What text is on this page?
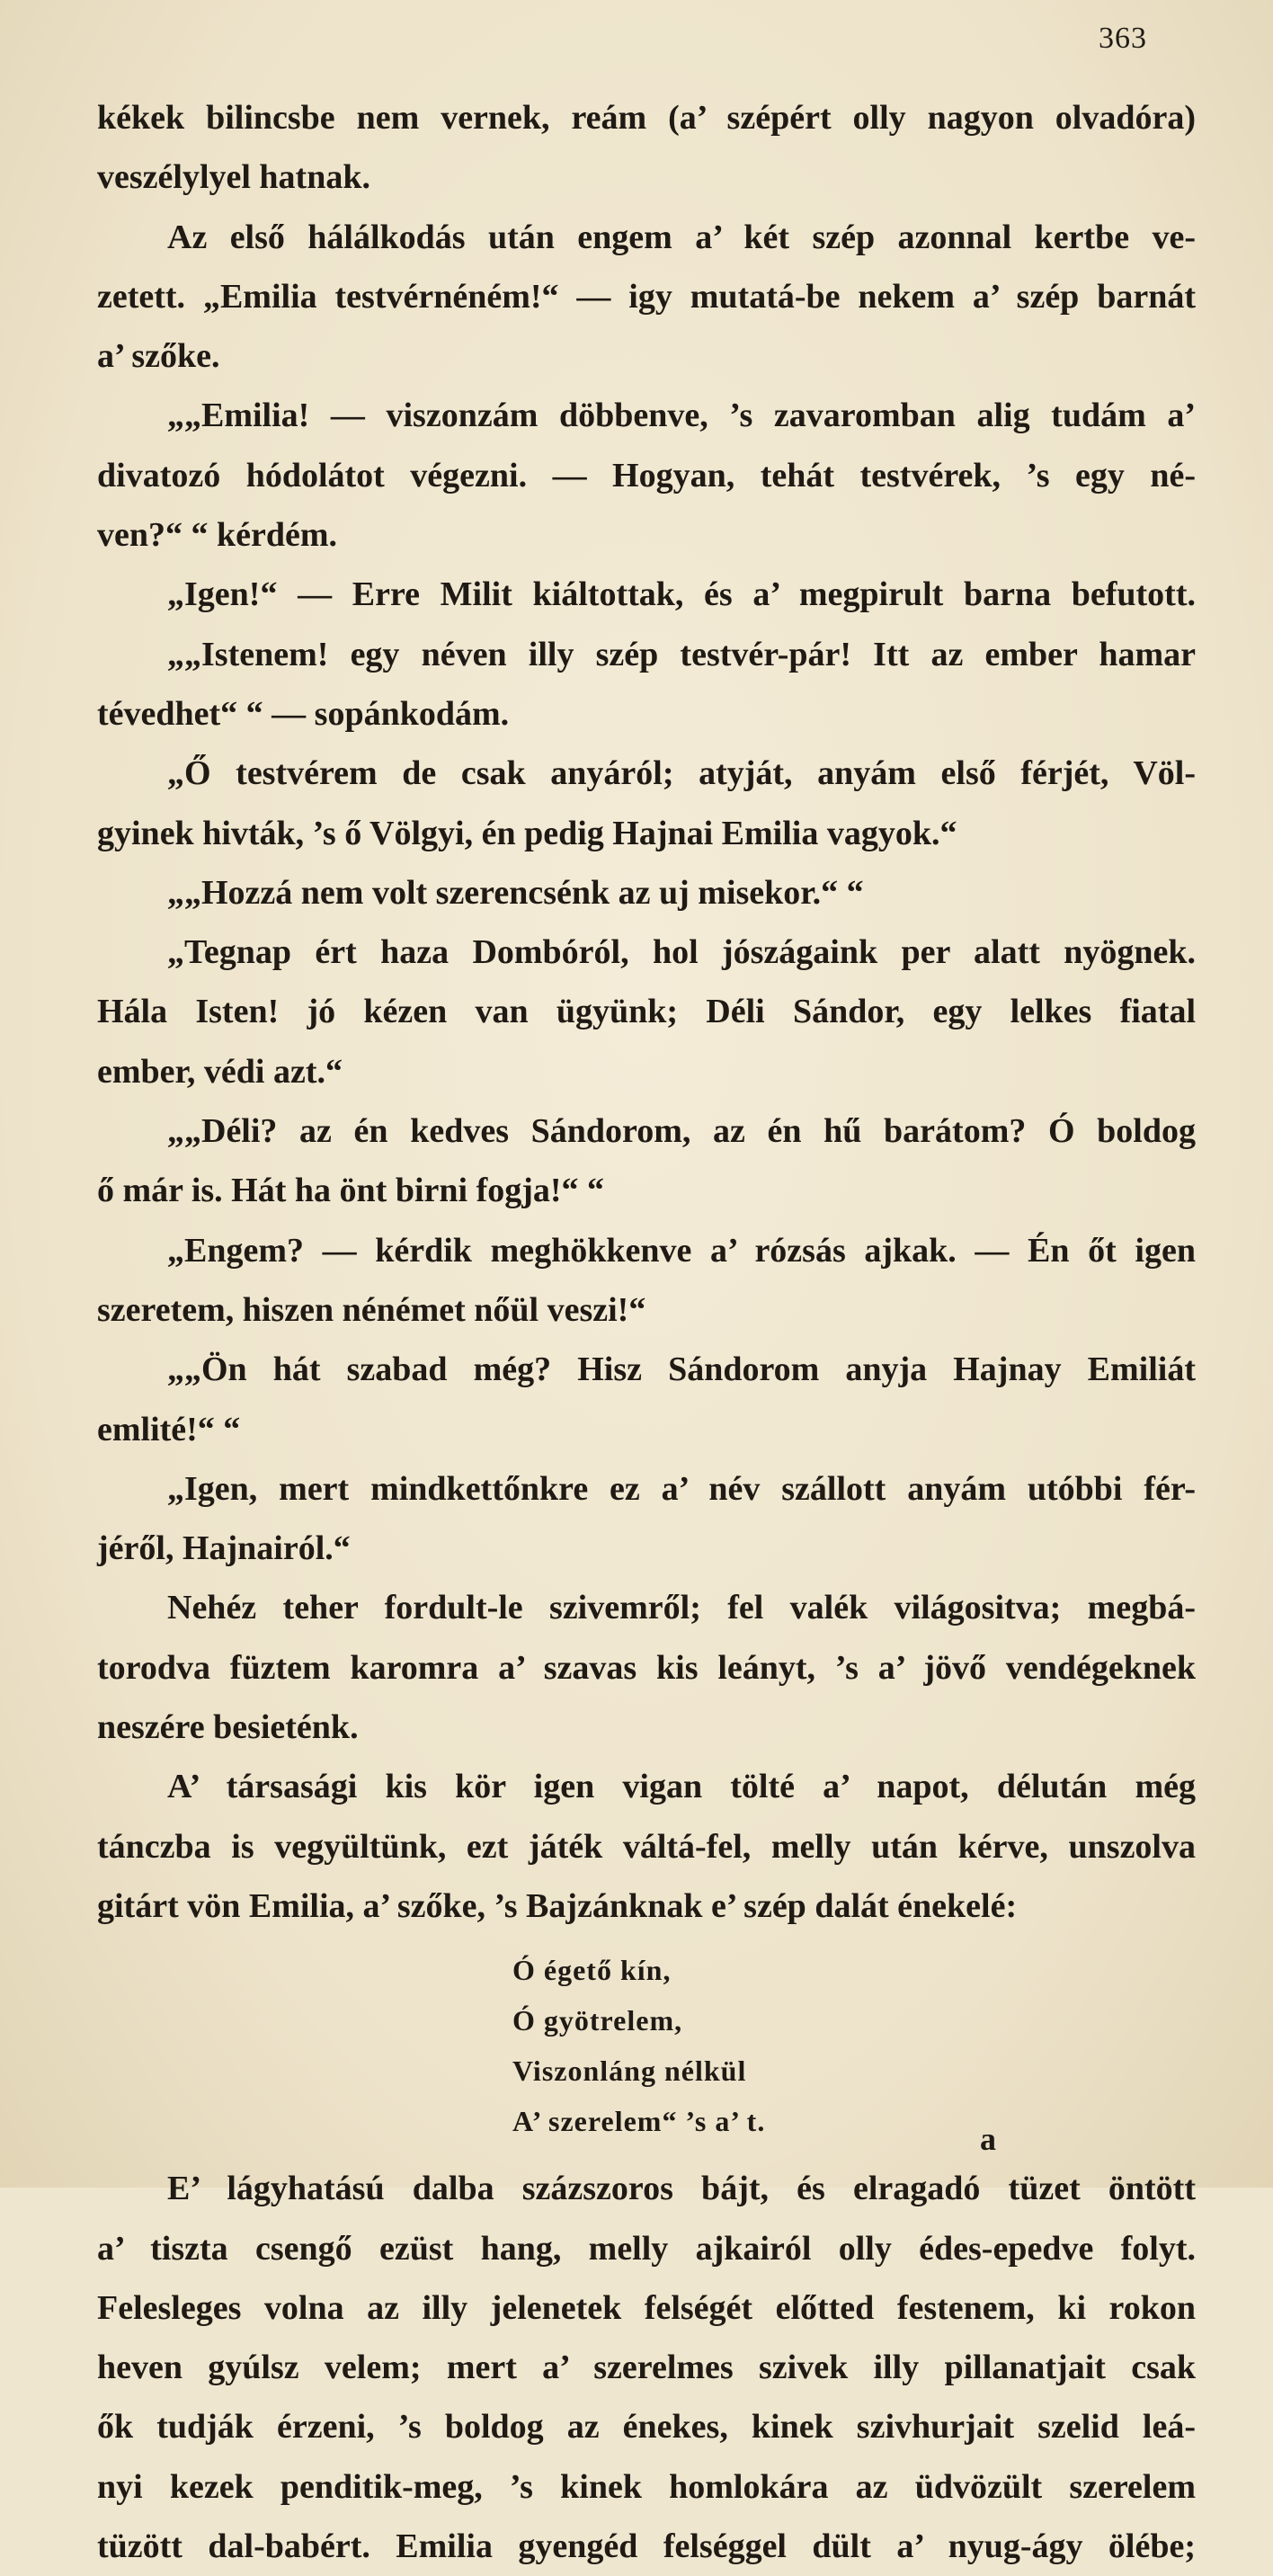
363
kékek bilincsbe nem vernek, reám (a’ szépért olly nagyon olvadóra)
veszélylyel hatnak.
Az első hálálkodás után engem a’ két szép azonnal kertbe ve-
zetett. „Emilia testvérnéném!“ — igy mutatá-be nekem a’ szép barnát
a’ szőke.
„„Emilia! — viszonzám döbbenve, ’s zavaromban alig tudám a’
divatozó hódolátot végezni. — Hogyan, tehát testvérek, ’s egy né-
ven?“ “ kérdém.
„Igen!“ — Erre Milit kiáltottak, és a’ megpirult barna befutott.
„„Istenem! egy néven illy szép testvér-pár! Itt az ember hamar
tévedhet“ “ — sopánkodám.
„Ő testvérem de csak anyáról; atyját, anyám első férjét, Völ-
gyinek hivták, ’s ő Völgyi, én pedig Hajnai Emilia vagyok.“
„„Hozzá nem volt szerencsénk az uj misekor.“ “
„Tegnap ért haza Dombóról, hol jószágaink per alatt nyögnek.
Hála Isten! jó kézen van ügyünk; Déli Sándor, egy lelkes fiatal
ember, védi azt.“
„„Déli? az én kedves Sándorom, az én hű barátom? Ó boldog
ő már is. Hát ha önt birni fogja!“ “
„Engem? — kérdik meghökkenve a’ rózsás ajkak. — Én őt igen
szeretem, hiszen nénémet nőül veszi!“
„„Ön hát szabad még? Hisz Sándorom anyja Hajnay Emiliát
emlité!“ “
„Igen, mert mindkettőnkre ez a’ név szállott anyám utóbbi fér-
jéről, Hajnairól.“
Nehéz teher fordult-le szivemről; fel valék világositva; megbá-
torodva füztem karomra a’ szavas kis leányt, ’s a’ jövő vendégeknek
neszére besieténk.
A’ társasági kis kör igen vigan tölté a’ napot, délután még
tánczba is vegyültünk, ezt játék váltá-fel, melly után kérve, unszolva
gitárt vön Emilia, a’ szőke, ’s Bajzánknak e’ szép dalát énekelé:
Ó égető kín,
Ó gyötrelem,
Viszonláng nélkül
A’ szerelem“ ’s a’ t.
E’ lágyhatású dalba százszoros bájt, és elragadó tüzet öntött
a’ tiszta csengő ezüst hang, melly ajkairól olly édes-epedve folyt.
Felesleges volna az illy jelenetek felségét előtted festenem, ki rokon
heven gyúlsz velem; mert a’ szerelmes szivek illy pillanatjait csak
ők tudják érzeni, ’s boldog az énekes, kinek szivhurjait szelid leá-
nyi kezek penditik-meg, ’s kinek homlokára az üdvözült szerelem
tüzött dal-babért. Emilia gyengéd felséggel dült a’ nyug-ágy ölébe;
a
